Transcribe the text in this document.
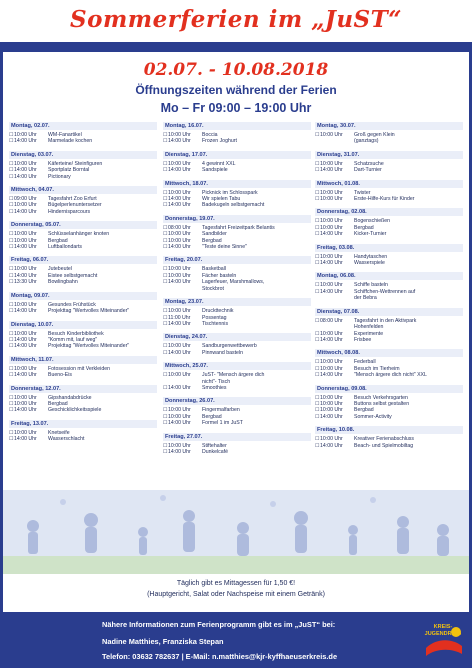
Sommerferien im „JuST“
02.07. - 10.08.2018
Öffnungszeiten während der Ferien
Mo – Fr 09:00 – 19:00 Uhr
Montag, 02.07.
☐ 10:00 Uhr	WM-Fanartikel
☐ 14:00 Uhr	Marmelade kochen
Dienstag, 03.07.
☐ 10:00 Uhr	Käferteine/ Steinfiguren
☐ 14:00 Uhr	Sportplatz Borntal
☐ 14:00 Uhr	Pictionary
Mittwoch, 04.07.
☐ 09:00 Uhr	Tagesfahrt Zoo Erfurt
☐ 10:00 Uhr	Bügelperlenuntersetzer
☐ 14:00 Uhr	Hindernisparcours
Donnerstag, 05.07.
☐ 10:00 Uhr	Schlüsselanhänger knoten
☐ 10:00 Uhr	Bergbad
☐ 14:00 Uhr	Luftballondarts
Freitag, 06.07.
☐ 10:00 Uhr	Jutebeutel
☐ 14:00 Uhr	Eistee selbstgemacht
☐ 13:30 Uhr	Bowlingbahn
Montag, 09.07.
☐ 10:00 Uhr	Gesundes Frühstück
☐ 14:00 Uhr	Projekttag "Wertvolles Miteinander"
Dienstag, 10.07.
☐ 10:00 Uhr	Besuch Kinderbibliothek
☐ 14:00 Uhr	"Komm mit, lauf weg"
☐ 14:00 Uhr	Projekttag "Wertvolles Miteinander"
Mittwoch, 11.07.
☐ 10:00 Uhr	Fotosession mit Verkleiden
☐ 14:00 Uhr	Bueno-Eis
Donnerstag, 12.07.
☐ 10:00 Uhr	Gipshandabdrücke
☐ 10:00 Uhr	Bergbad
☐ 14:00 Uhr	Geschicklichkeitsspiele
Freitag, 13.07.
☐ 10:00 Uhr	Knetseife
☐ 14:00 Uhr	Wasserschlacht
Montag, 16.07.
☐ 10:00 Uhr	Boccia
☐ 14:00 Uhr	Frozen Joghurt
Dienstag, 17.07.
☐ 10:00 Uhr	4 gewinnt XXL
☐ 14:00 Uhr	Sandspiele
Mittwoch, 18.07.
☐ 10:00 Uhr	Picknick im Schlosspark
☐ 14:00 Uhr	Wir spielen Tabu
☐ 14:00 Uhr	Badekugeln selbstgemacht
Donnerstag, 19.07.
☐ 08:00 Uhr	Tagesfahrt Freizeitpark Belantis
☐ 10:00 Uhr	Sandbilder
☐ 10:00 Uhr	Bergbad
☐ 14:00 Uhr	"Teste deine Sinne"
Freitag, 20.07.
☐ 10:00 Uhr	Basketball
☐ 10:00 Uhr	Fächer basteln
☐ 14:00 Uhr	Lagerfeuer, Marshmallows,
Stockbrot
Montag, 23.07.
☐ 10:00 Uhr	Druckttechnik
☐ 11:00 Uhr	Possentag
☐ 14:00 Uhr	Tischtennis
Dienstag, 24.07.
☐ 10:00 Uhr	Sandburgenwettbewerb
☐ 14:00 Uhr	Pinnwand basteln
Mittwoch, 25.07.
☐ 10:00 Uhr	JuST- "Mensch ärgere dich
nicht"- Tisch
☐ 14:00 Uhr	Smoothies
Donnerstag, 26.07.
☐ 10:00 Uhr	Fingermalfarben
☐ 10:00 Uhr	Bergbad
☐ 14:00 Uhr	Formel 1 im JuST
Freitag, 27.07.
☐ 10:00 Uhr	Stiftehalter
☐ 14:00 Uhr	Dunkelcafé
Montag, 30.07.
☐ 10:00 Uhr	Groß gegen Klein
(ganztags)
Dienstag, 31.07.
☐ 10:00 Uhr	Schatzsuche
☐ 14:00 Uhr	Dart-Turnier
Mittwoch, 01.08.
☐ 10:00 Uhr	Twister
☐ 10:00 Uhr	Erste-Hilfe-Kurs für Kinder
Donnerstag, 02.08.
☐ 10:00 Uhr	Bogenschießen
☐ 10:00 Uhr	Bergbad
☐ 14:00 Uhr	Kicker-Turnier
Freitag, 03.08.
☐ 10:00 Uhr	Handytaschen
☐ 14:00 Uhr	Wasserspiele
Montag, 06.08.
☐ 10:00 Uhr	Schiffe basteln
☐ 14:00 Uhr	Schiffchen-Wettrennen auf
der Bebra
Dienstag, 07.08.
☐ 08:00 Uhr	Tagesfahrt in den Aktivpark
Hohenfelden
☐ 10:00 Uhr	Experimente
☐ 14:00 Uhr	Frisbee
Mittwoch, 08.08.
☐ 10:00 Uhr	Federball
☐ 10:00 Uhr	Besuch im Tierheim
☐ 14:00 Uhr	"Mensch ärgere dich nicht" XXL
Donnerstag, 09.08.
☐ 10:00 Uhr	Besuch Verkehrsgarten
☐ 10:00 Uhr	Buttons selbst gestalten
☐ 10:00 Uhr	Bergbad
☐ 14:00 Uhr	Sommer-Activity
Freitag, 10.08.
☐ 10:00 Uhr	Kreativer Ferienabschluss
☐ 14:00 Uhr	Beach- und Spielmobiltag
Täglich gibt es Mittagessen für 1,50 €!
(Hauptgericht, Salat oder Nachspeise mit einem Getränk)
Nähere Informationen zum Ferienprogramm gibt es im „JuST“ bei:
Nadine Matthies, Franziska Stepan
Telefon: 03632 782637 | E-Mail: n.matthies@kjr-kyffhaeuserkreis.de
KREIS-
JUGENDRING
